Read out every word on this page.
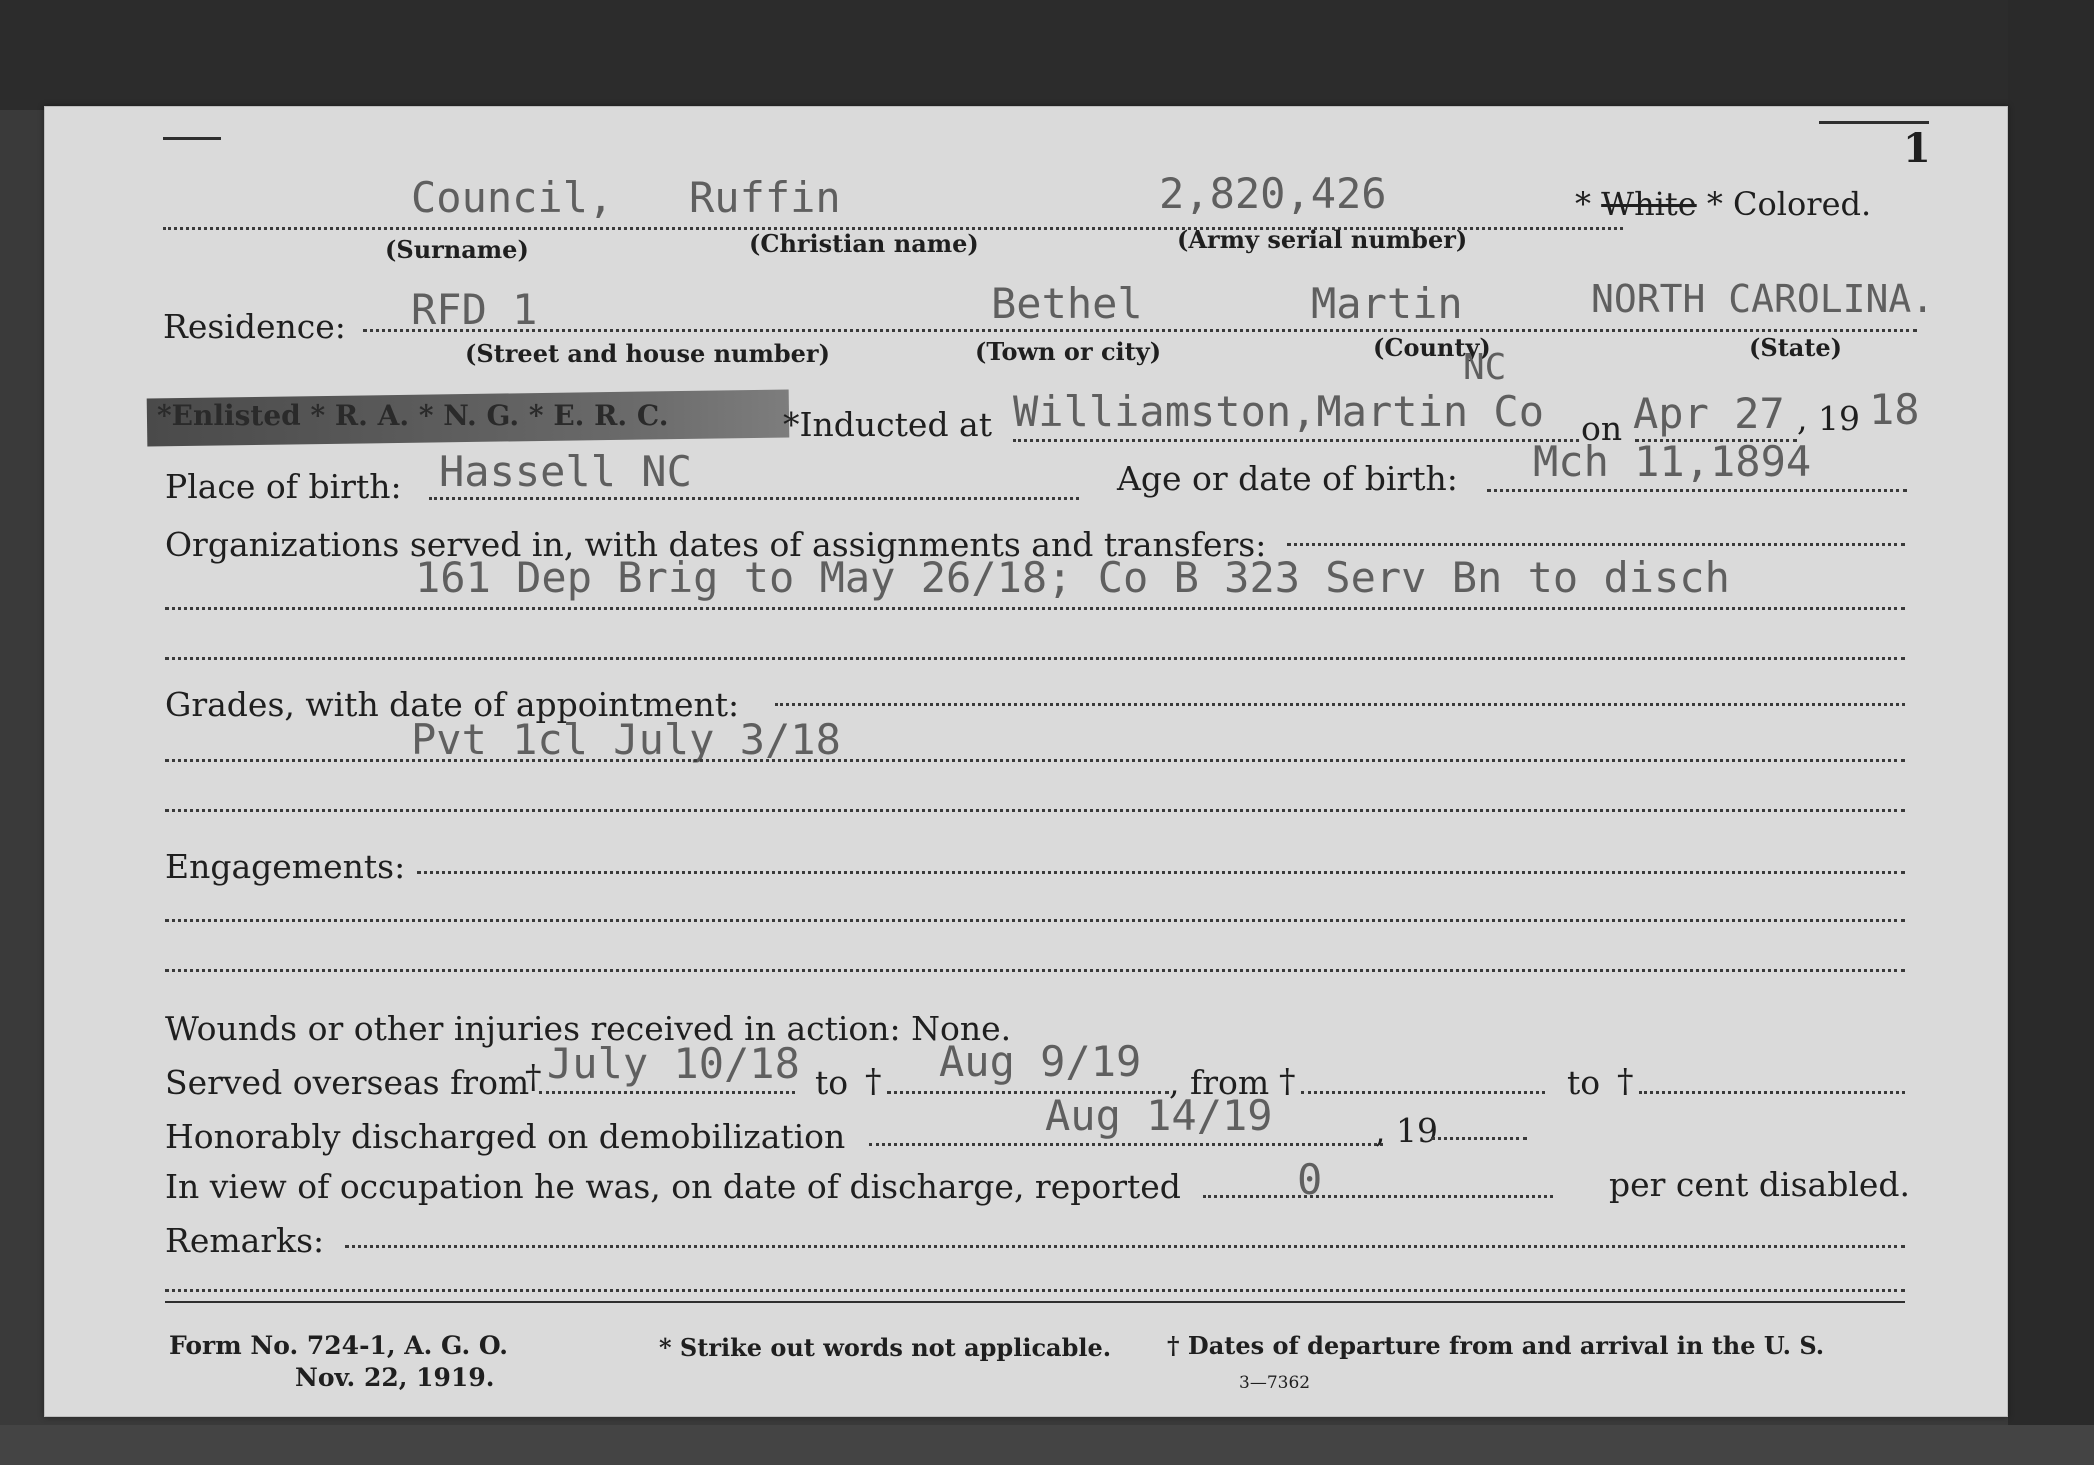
1
Council, Ruffin	2,820,426	* White * Colored.
(Surname)	(Christian name)	(Army serial number)
Residence: RFD 1	Bethel	Martin	NORTH CAROLINA.
(Street and house number)	(Town or city)	(County)	(State)
*Enlisted * R. A. * N. G. * E. R. C.	*Inducted at Williamston,Martin Co
NC
on Apr 27 , 19 18
Place of birth: Hassell NC	Age or date of birth: Mch 11,1894
Organizations served in, with dates of assignments and transfers:
161 Dep Brig to May 26/18; Co B 323 Serv Bn to disch
Grades, with date of appointment:
Pvt 1cl July 3/18
Engagements:
Wounds or other injuries received in action: None.
Served overseas from
† July 10/18 to † Aug 9/19 , from †	to †
Honorably discharged on demobilization	Aug 14/19	, 19
In view of occupation he was, on date of discharge, reported	0	per cent disabled.
Remarks:
Form No. 724-1, A. G. O.
Nov. 22, 1919.
* Strike out words not applicable. † Dates of departure from and arrival in the U. S.
3—7362
